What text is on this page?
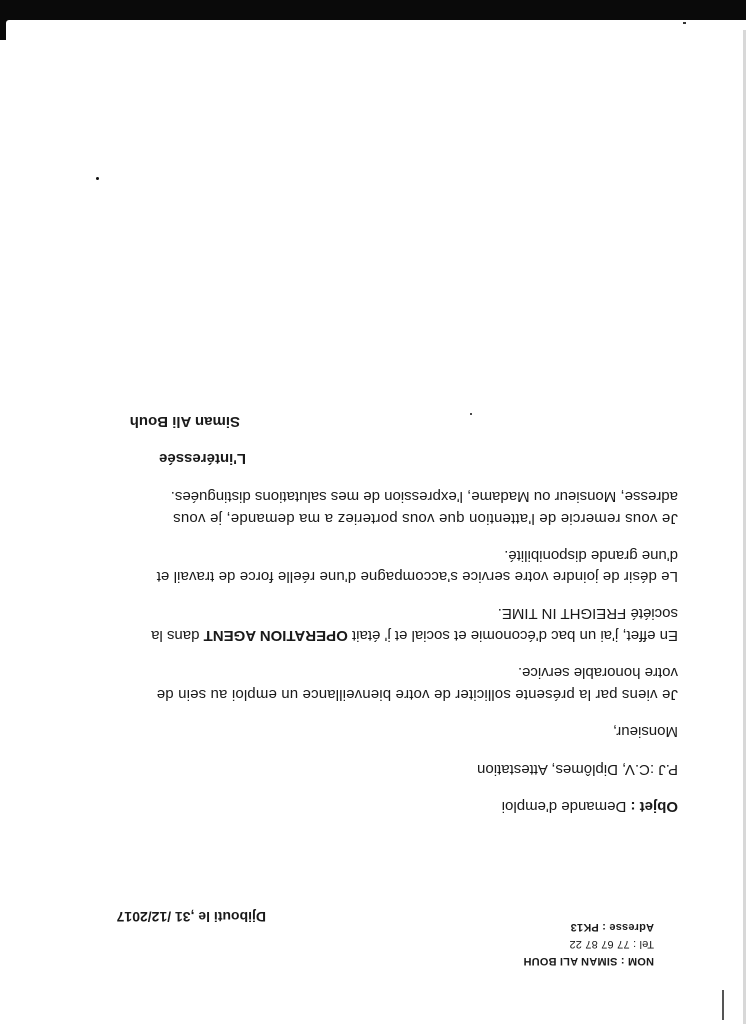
NOM : SIMAN ALI BOUH
Tel : 77 67 87 22
Adresse : PK13
Djibouti le ,31 /12/2017
Objet : Demande d'emploi
P.J :C.V, Diplômes, Attestation
Monsieur,
Je viens par la présente solliciter de votre bienveillance un emploi au sein de
votre honorable service.
En effet, j'ai un bac d'économie et social et j' était OPERATION AGENT dans la
société FREIGHT IN TIME.
Le désir de joindre votre service s'accompagne d'une réelle force de travail et
d'une grande disponibilité.
Je vous remercie de l'attention que vous porteriez a ma demande, je vous
adresse, Monsieur ou Madame, l'expression de mes salutations distinguées.
L'intéressée
Siman Ali Bouh
